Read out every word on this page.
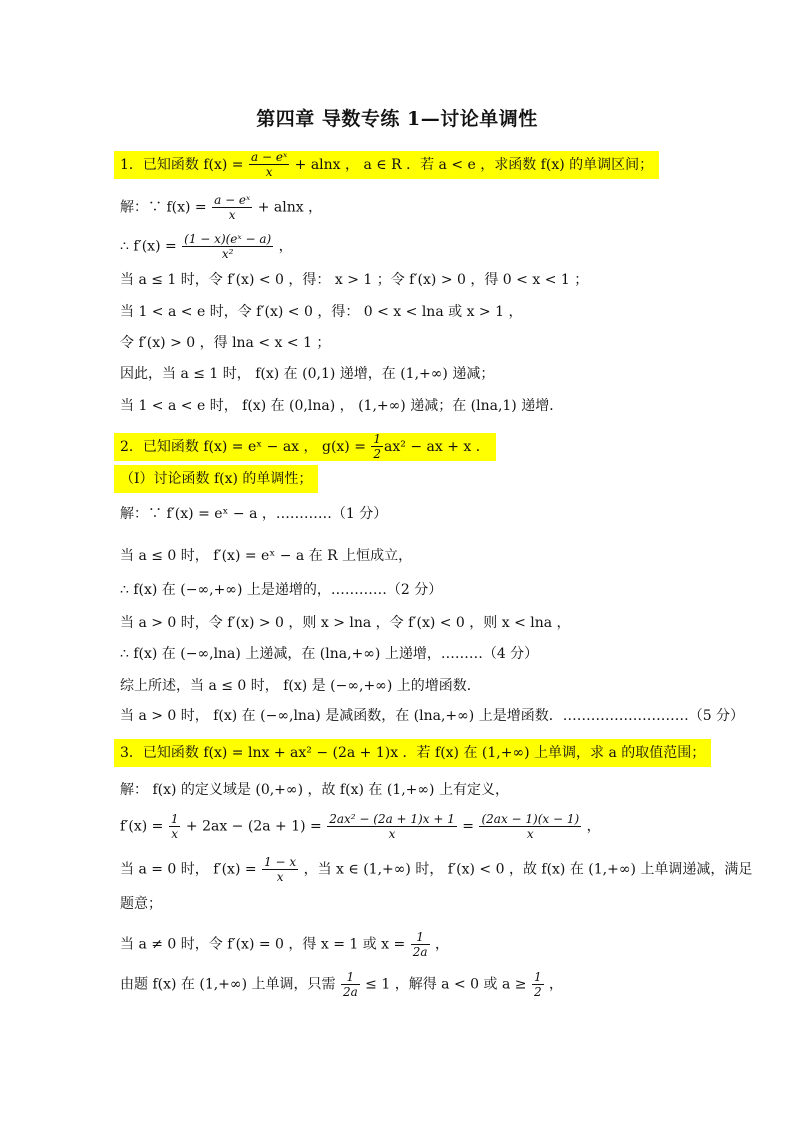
第四章 导数专练 1—讨论单调性
1．已知函数 $f(x) = \frac{\text{a − eˣ}}{x} + alnx$ ， a ∈ R ．若 a < e ，求函数 f(x) 的单调区间；
解：∵ $f(x) = \frac{\text{a − eˣ}}{x} + alnx$ ，
∴ $f'(x) = \frac{\text{(1 − x)(eˣ − a)}}{\text{x²}}$ ，
当 a ≤ 1 时，令 f′(x) < 0 ，得： x > 1 ；令 f′(x) > 0 ，得 0 < x < 1 ；
当 1 < a < e 时，令 f′(x) < 0 ，得： 0 < x < lna 或 x > 1 ，
令 f′(x) > 0 ，得 lna < x < 1 ；
因此，当 a ≤ 1 时， f(x) 在 (0,1) 递增，在 (1,+∞) 递减；
当 1 < a < e 时， f(x) 在 (0,lna) ， (1,+∞) 递减；在 (lna,1) 递增．
2．已知函数 f(x) = eˣ − ax ， $g(x) = \frac{1}{2} ax^2$ − ax + x ．
（Ⅰ）讨论函数 f(x) 的单调性；
解：∵ f′(x) = eˣ − a ，…………（1 分）
当 a ≤ 0 时， f′(x) = eˣ − a 在 R 上恒成立，
∴ f(x) 在 (−∞,+∞) 上是递增的，…………（2 分）
当 a > 0 时，令 f′(x) > 0 ，则 x > lna ，令 f′(x) < 0 ，则 x < lna ，
∴ f(x) 在 (−∞,lna) 上递减，在 (lna,+∞) 上递增，………（4 分）
综上所述，当 a ≤ 0 时， f(x) 是 (−∞,+∞) 上的增函数．
当 a > 0 时， f(x) 在 (−∞,lna) 是减函数，在 (lna,+∞) 上是增函数．………………………（5 分）
3．已知函数 f(x) = lnx + ax² − (2a + 1)x ．若 f(x) 在 (1,+∞) 上单调，求 a 的取值范围；
解： f(x) 的定义域是 (0,+∞) ，故 f(x) 在 (1,+∞) 上有定义，
$f'(x) = \frac{1}{x} + 2ax - (2a + 1) = \frac{\text{2ax² − (2a + 1)x + 1}}{x} = \frac{(2ax - 1)(x - 1)}{x}$ ，
当 a = 0 时， $f'(x) = \frac{1 - x}{x}$ ，当 x ∈ (1,+∞) 时， f′(x) < 0 ，故 f(x) 在 (1,+∞) 上单调递减，满足
题意；
当 a ≠ 0 时，令 f′(x) = 0 ，得 x = 1 或 $x = \frac{1}{2a}$ ，
由题 f(x) 在 (1,+∞) 上单调，只需 $\frac{1}{2a} \le 1$ ，解得 a < 0 或 $a \ge \frac{1}{2}$ ，
